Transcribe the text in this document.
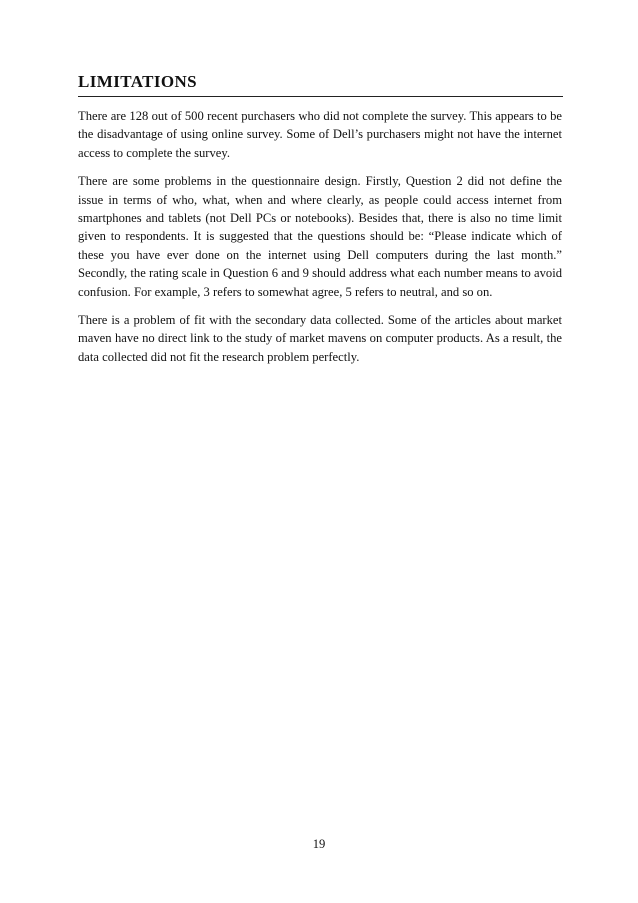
LIMITATIONS

There are 128 out of 500 recent purchasers who did not complete the survey. This appears to be the disadvantage of using online survey. Some of Dell’s purchasers might not have the internet access to complete the survey.

There are some problems in the questionnaire design. Firstly, Question 2 did not define the issue in terms of who, what, when and where clearly, as people could access internet from smartphones and tablets (not Dell PCs or notebooks). Besides that, there is also no time limit given to respondents. It is suggested that the questions should be: “Please indicate which of these you have ever done on the internet using Dell computers during the last month.” Secondly, the rating scale in Question 6 and 9 should address what each number means to avoid confusion. For example, 3 refers to somewhat agree, 5 refers to neutral, and so on.

There is a problem of fit with the secondary data collected. Some of the articles about market maven have no direct link to the study of market mavens on computer products. As a result, the data collected did not fit the research problem perfectly.

19
